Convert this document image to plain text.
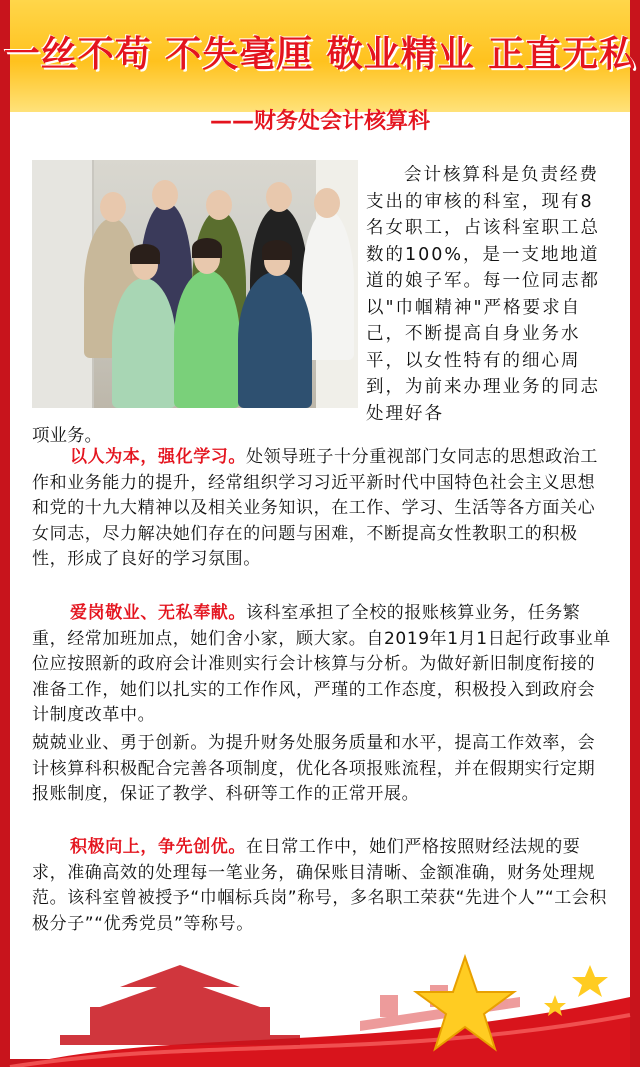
一丝不苟 不失毫厘 敬业精业 正直无私
——财务处会计核算科
会计核算科是负责经费支出的审核的科室，现有8名女职工，占该科室职工总数的100%，是一支地地道道的娘子军。每一位同志都以"巾帼精神"严格要求自己，不断提高自身业务水平，以女性特有的细心周到，为前来办理业务的同志处理好各
项业务。
以人为本，强化学习。处领导班子十分重视部门女同志的思想政治工作和业务能力的提升，经常组织学习习近平新时代中国特色社会主义思想和党的十九大精神以及相关业务知识，在工作、学习、生活等各方面关心女同志，尽力解决她们存在的问题与困难，不断提高女性教职工的积极性，形成了良好的学习氛围。
爱岗敬业、无私奉献。该科室承担了全校的报账核算业务，任务繁重，经常加班加点，她们舍小家，顾大家。自2019年1月1日起行政事业单位应按照新的政府会计准则实行会计核算与分析。为做好新旧制度衔接的准备工作，她们以扎实的工作作风，严瑾的工作态度，积极投入到政府会计制度改革中。
兢兢业业、勇于创新。为提升财务处服务质量和水平，提高工作效率，会计核算科积极配合完善各项制度，优化各项报账流程，并在假期实行定期报账制度，保证了教学、科研等工作的正常开展。
积极向上，争先创优。在日常工作中，她们严格按照财经法规的要求，准确高效的处理每一笔业务，确保账目清晰、金额准确，财务处理规范。该科室曾被授予“巾帼标兵岗”称号，多名职工荣获“先进个人”“工会积极分子”“优秀党员”等称号。
